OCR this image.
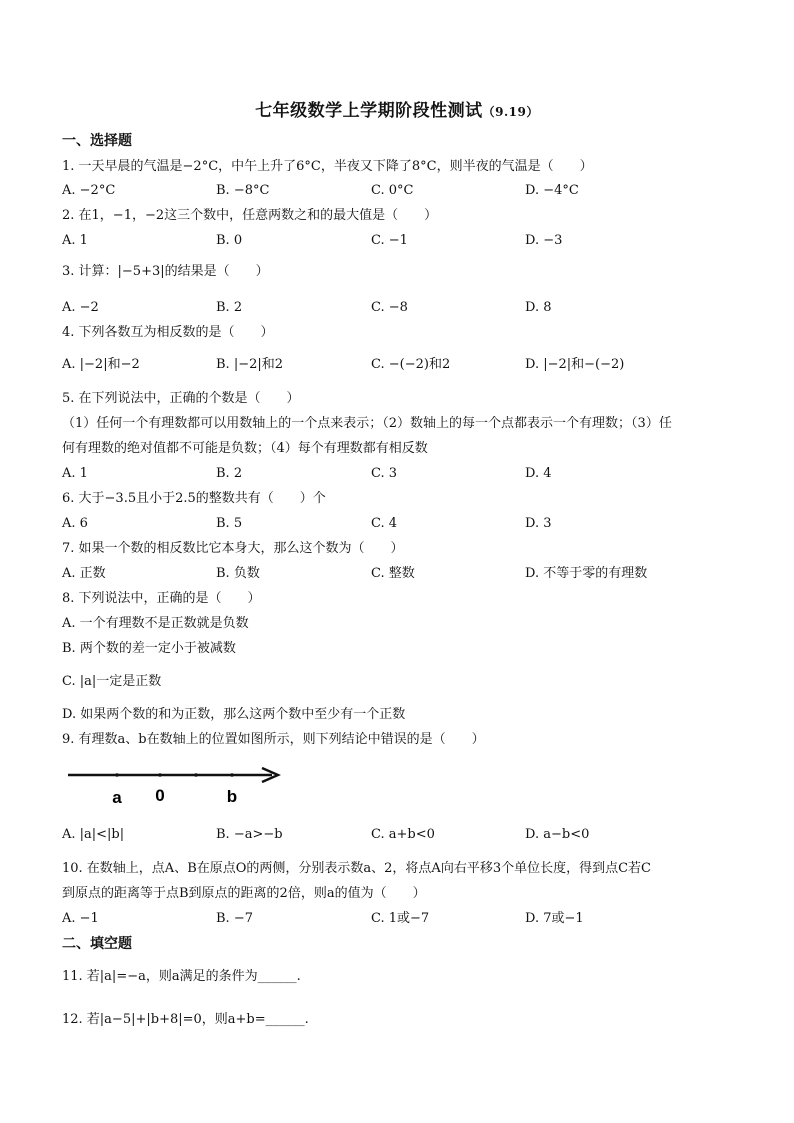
七年级数学上学期阶段性测试（9.19）
一、选择题
1. 一天早晨的气温是−2°C，中午上升了6°C，半夜又下降了8°C，则半夜的气温是（　　）
A. −2°C	B. −8°C	C. 0°C	D. −4°C
2. 在1，−1，−2这三个数中，任意两数之和的最大值是（　　）
A. 1	B. 0	C. −1	D. −3
3. 计算：|−5+3|的结果是（　　）
A. −2	B. 2	C. −8	D. 8
4. 下列各数互为相反数的是（　　）
A. |−2|和−2	B. |−2|和2	C. −(−2)和2	D. |−2|和−(−2)
5. 在下列说法中，正确的个数是（　　）
（1）任何一个有理数都可以用数轴上的一个点来表示；（2）数轴上的每一个点都表示一个有理数；（3）任
何有理数的绝对值都不可能是负数；（4）每个有理数都有相反数
A. 1	B. 2	C. 3	D. 4
6. 大于−3.5且小于2.5的整数共有（　　）个
A. 6	B. 5	C. 4	D. 3
7. 如果一个数的相反数比它本身大，那么这个数为（　　）
A. 正数	B. 负数	C. 整数	D. 不等于零的有理数
8. 下列说法中，正确的是（　　）
A. 一个有理数不是正数就是负数
B. 两个数的差一定小于被减数
C. |a|一定是正数
D. 如果两个数的和为正数，那么这两个数中至少有一个正数
9. 有理数a、b在数轴上的位置如图所示，则下列结论中错误的是（　　）
a 0	b
A. |a|<|b|	B. −a>−b	C. a+b<0	D. a−b<0
10. 在数轴上，点A、B在原点O的两侧，分别表示数a、2，将点A向右平移3个单位长度，得到点C若C
到原点的距离等于点B到原点的距离的2倍，则a的值为（　　）
A. −1	B. −7	C. 1或−7	D. 7或−1
二、填空题
11. 若|a|=−a，则a满足的条件为______.
12. 若|a−5|+|b+8|=0，则a+b=______.
